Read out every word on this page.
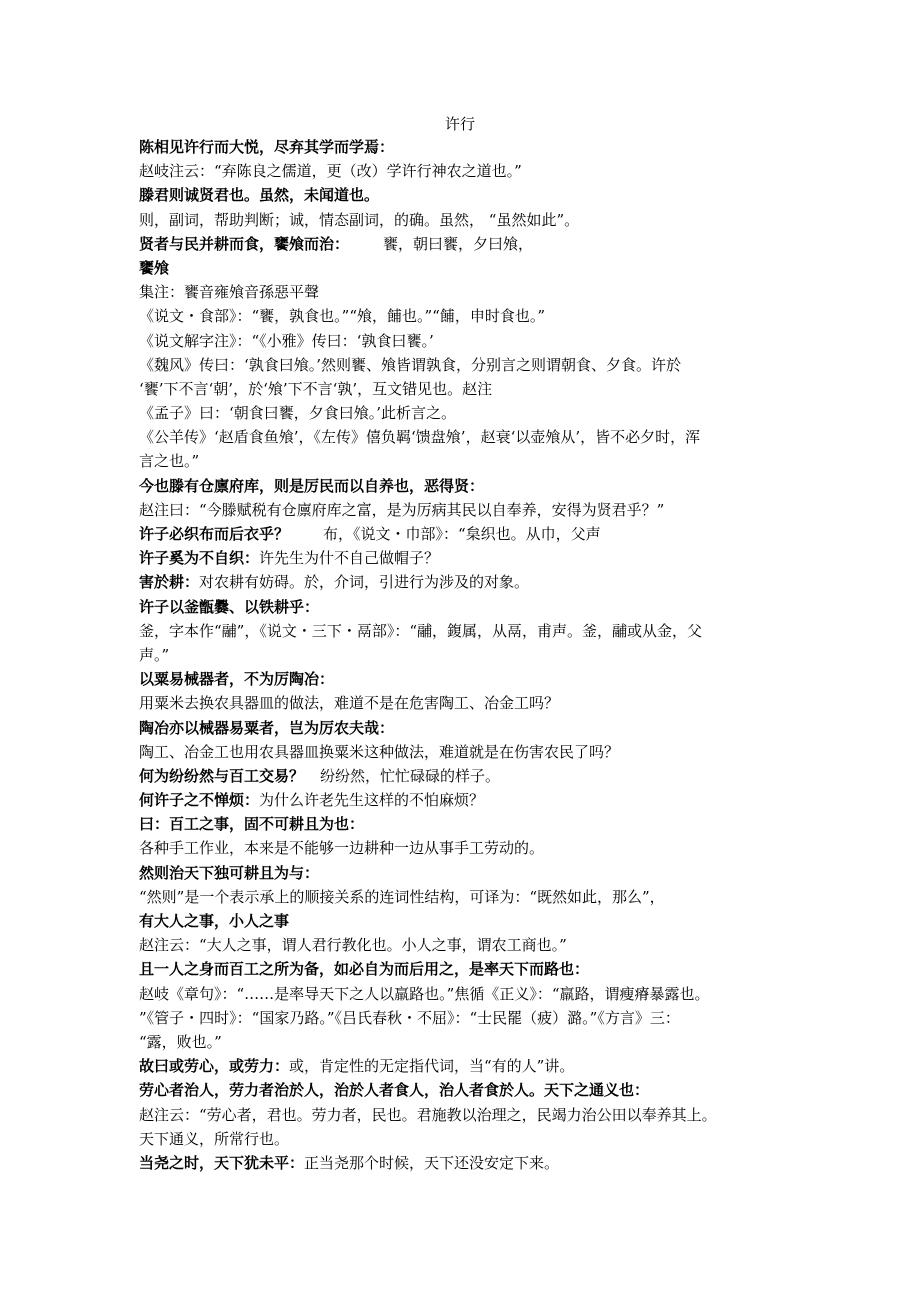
许行
陈相见许行而大悦，尽弃其学而学焉：
赵岐注云：“弃陈良之儒道，更（改）学许行神农之道也。”
滕君则诚贤君也。虽然，未闻道也。
则，副词，帮助判断；诚，情态副词，的确。虽然， “虽然如此”。
贤者与民并耕而食，饔飧而治： 饔，朝曰饔，夕曰飧，
饔飧
集注：饔音雍飧音孫惡平聲
《说文・食部》：“饔，孰食也。”“飧，餔也。”“餔，申时食也。”
《说文解字注》：“《小雅》传曰：‘孰食曰饔。’
《魏风》传曰：‘孰食曰飧。’然则饔、飧皆谓孰食，分别言之则谓朝食、夕食。许於
‘饔’下不言‘朝’，於‘飧’下不言‘孰’，互文错见也。赵注
《孟子》曰：‘朝食曰饔，夕食曰飧。’此析言之。
《公羊传》‘赵盾食鱼飧’，《左传》僖负羁‘馈盘飧’，赵衰‘以壶飧从’，皆不必夕时，浑
言之也。”
今也滕有仓廪府库，则是厉民而以自养也，恶得贤：
赵注曰：“今滕赋税有仓廪府库之富，是为厉病其民以自奉养，安得为贤君乎？”
许子必织布而后衣乎？ 布，《说文・巾部》：“枲织也。从巾，父声
许子奚为不自织：许先生为什不自己做帽子？
害於耕：对农耕有妨碍。於，介词，引进行为涉及的对象。
许子以釜甑爨、以铁耕乎：
釜，字本作“鬴”，《说文・三下・鬲部》：“鬴，鍑属，从鬲，甫声。釜，鬴或从金，父
声。”
以粟易械器者，不为厉陶冶：
用粟米去换农具器皿的做法，难道不是在危害陶工、冶金工吗？
陶冶亦以械器易粟者，岂为厉农夫哉：
陶工、冶金工也用农具器皿换粟米这种做法，难道就是在伤害农民了吗？
何为纷纷然与百工交易？ 纷纷然，忙忙碌碌的样子。
何许子之不惮烦：为什么许老先生这样的不怕麻烦？
曰：百工之事，固不可耕且为也：
各种手工作业，本来是不能够一边耕种一边从事手工劳动的。
然则治天下独可耕且为与：
“然则”是一个表示承上的顺接关系的连词性结构，可译为：“既然如此，那么”，
有大人之事，小人之事
赵注云：“大人之事，谓人君行教化也。小人之事，谓农工商也。”
且一人之身而百工之所为备，如必自为而后用之，是率天下而路也：
赵岐《章句》：“……是率导天下之人以羸路也。”焦循《正义》：“羸路，谓瘦瘠暴露也。
”《管子・四时》：“国家乃路。”《吕氏春秋・不屈》：“士民罷（疲）潞。”《方言》三：
“露，败也。”
故曰或劳心，或劳力：或，肯定性的无定指代词，当“有的人”讲。
劳心者治人，劳力者治於人，治於人者食人，治人者食於人。天下之通义也：
赵注云：“劳心者，君也。劳力者，民也。君施教以治理之，民竭力治公田以奉养其上。
天下通义，所常行也。
当尧之时，天下犹未平：正当尧那个时候，天下还没安定下来。
